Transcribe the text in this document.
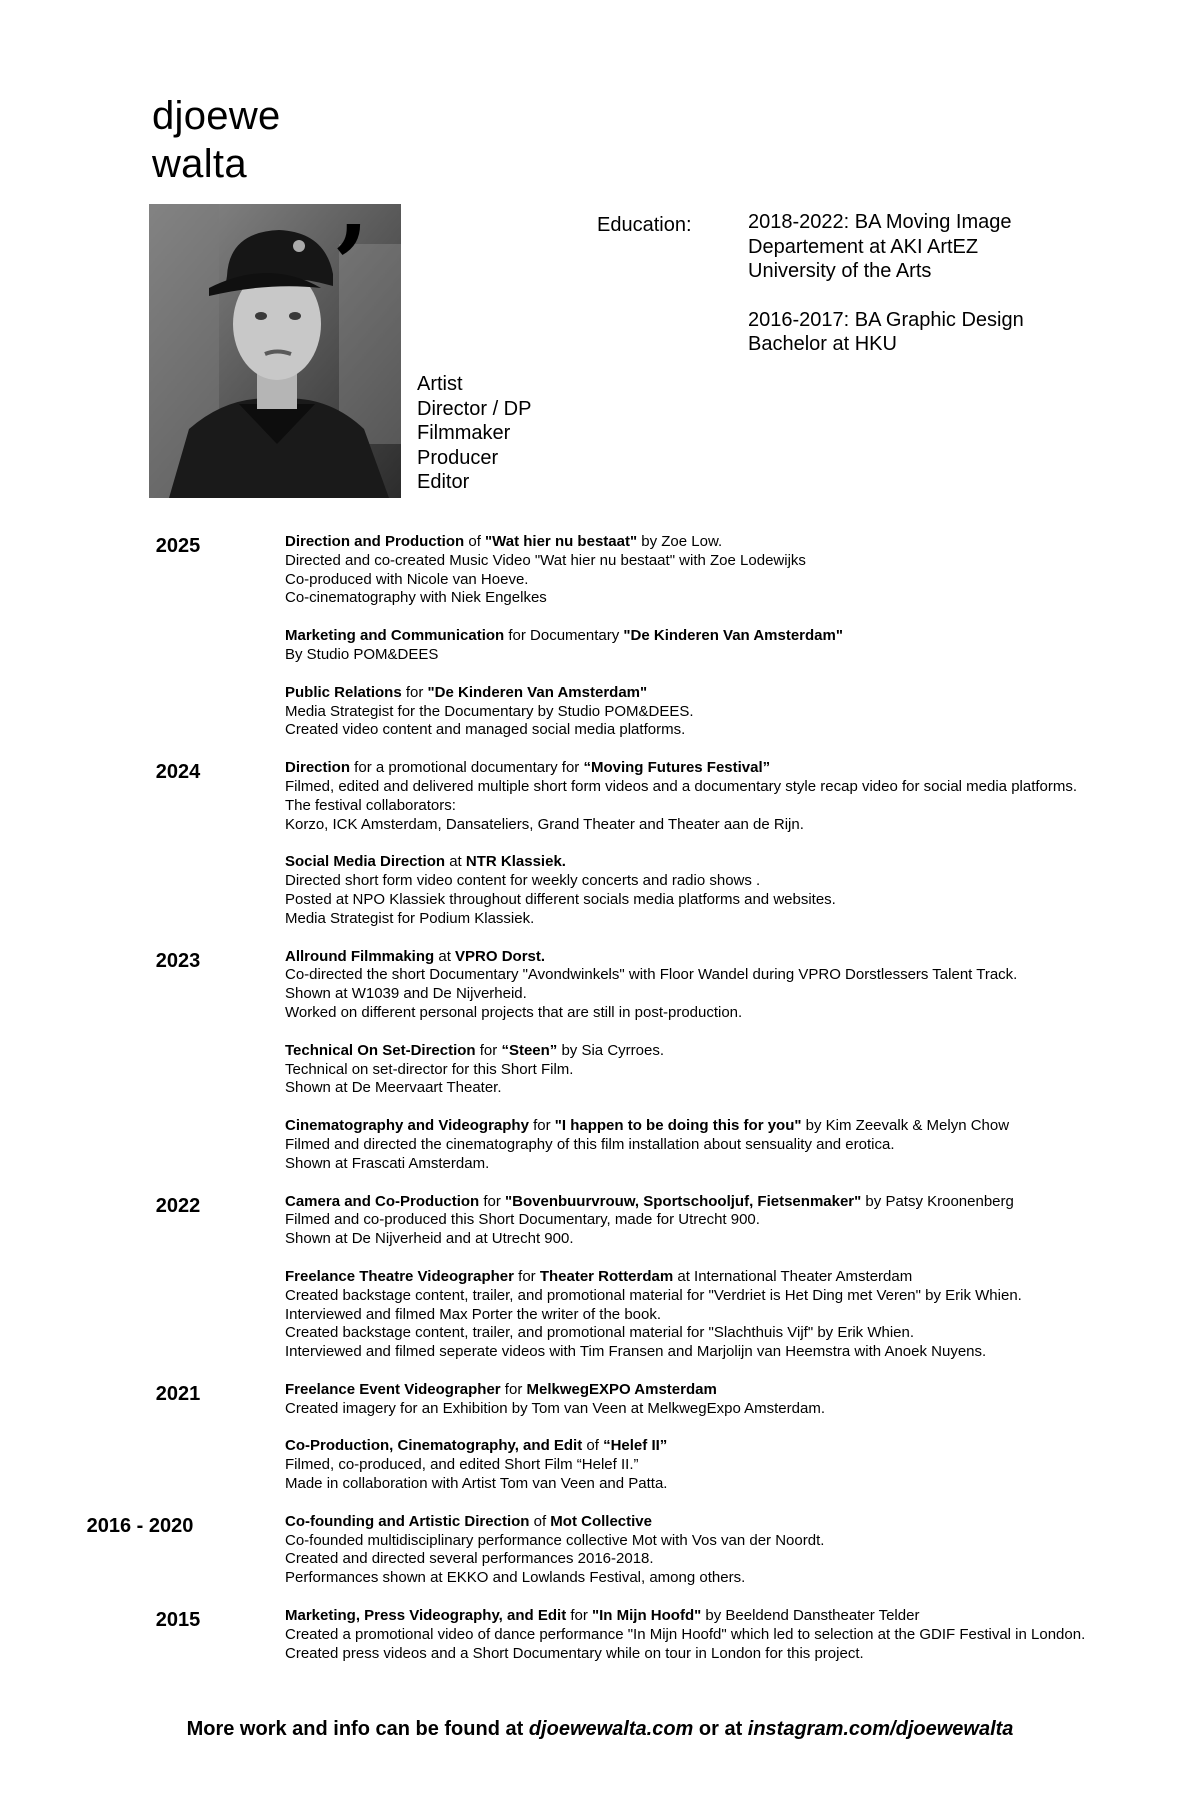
djoewe
walta ,
Artist
Director / DP
Filmmaker
Producer
Editor
Education:	2018-2022: BA Moving Image
Departement at AKI ArtEZ
University of the Arts
2016-2017: BA Graphic Design
Bachelor at HKU
2025	Direction and Production of "Wat hier nu bestaat" by Zoe Low.
Directed and co-created Music Video "Wat hier nu bestaat" with Zoe Lodewijks
Co-produced with Nicole van Hoeve.
Co-cinematography with Niek Engelkes
Marketing and Communication for Documentary "De Kinderen Van Amsterdam"
By Studio POM&DEES
Public Relations for "De Kinderen Van Amsterdam"
Media Strategist for the Documentary by Studio POM&DEES.
Created video content and managed social media platforms.
2024	Direction for a promotional documentary for “Moving Futures Festival”
Filmed, edited and delivered multiple short form videos and a documentary style recap video for social media platforms. The festival collaborators:
Korzo, ICK Amsterdam, Dansateliers, Grand Theater and Theater aan de Rijn.
Social Media Direction at NTR Klassiek.
Directed short form video content for weekly concerts and radio shows .
Posted at NPO Klassiek throughout different socials media platforms and websites.
Media Strategist for Podium Klassiek.
2023	Allround Filmmaking at VPRO Dorst.
Co-directed the short Documentary "Avondwinkels" with Floor Wandel during VPRO Dorstlessers Talent Track.
Shown at W1039 and De Nijverheid.
Worked on different personal projects that are still in post-production.
Technical On Set-Direction for “Steen” by Sia Cyrroes.
Technical on set-director for this Short Film.
Shown at De Meervaart Theater.
Cinematography and Videography for "I happen to be doing this for you" by Kim Zeevalk & Melyn Chow
Filmed and directed the cinematography of this film installation about sensuality and erotica.
Shown at Frascati Amsterdam.
2022	Camera and Co-Production for "Bovenbuurvrouw, Sportschooljuf, Fietsenmaker" by Patsy Kroonenberg
Filmed and co-produced this Short Documentary, made for Utrecht 900.
Shown at De Nijverheid and at Utrecht 900.
Freelance Theatre Videographer for Theater Rotterdam at International Theater Amsterdam
Created backstage content, trailer, and promotional material for "Verdriet is Het Ding met Veren" by Erik Whien.
Interviewed and filmed Max Porter the writer of the book.
Created backstage content, trailer, and promotional material for "Slachthuis Vijf" by Erik Whien.
Interviewed and filmed seperate videos with Tim Fransen and Marjolijn van Heemstra with Anoek Nuyens.
2021	Freelance Event Videographer for MelkwegEXPO Amsterdam
Created imagery for an Exhibition by Tom van Veen at MelkwegExpo Amsterdam.
Co-Production, Cinematography, and Edit of “Helef II”
Filmed, co-produced, and edited Short Film “Helef II.”
Made in collaboration with Artist Tom van Veen and Patta.
2016 - 2020	Co-founding and Artistic Direction of Mot Collective
Co-founded multidisciplinary performance collective Mot with Vos van der Noordt.
Created and directed several performances 2016-2018.
Performances shown at EKKO and Lowlands Festival, among others.
2015	Marketing, Press Videography, and Edit for "In Mijn Hoofd" by Beeldend Danstheater Telder
Created a promotional video of dance performance "In Mijn Hoofd" which led to selection at the GDIF Festival in London. Created press videos and a Short Documentary while on tour in London for this project.
More work and info can be found at djoewewalta.com or at instagram.com/djoewewalta
